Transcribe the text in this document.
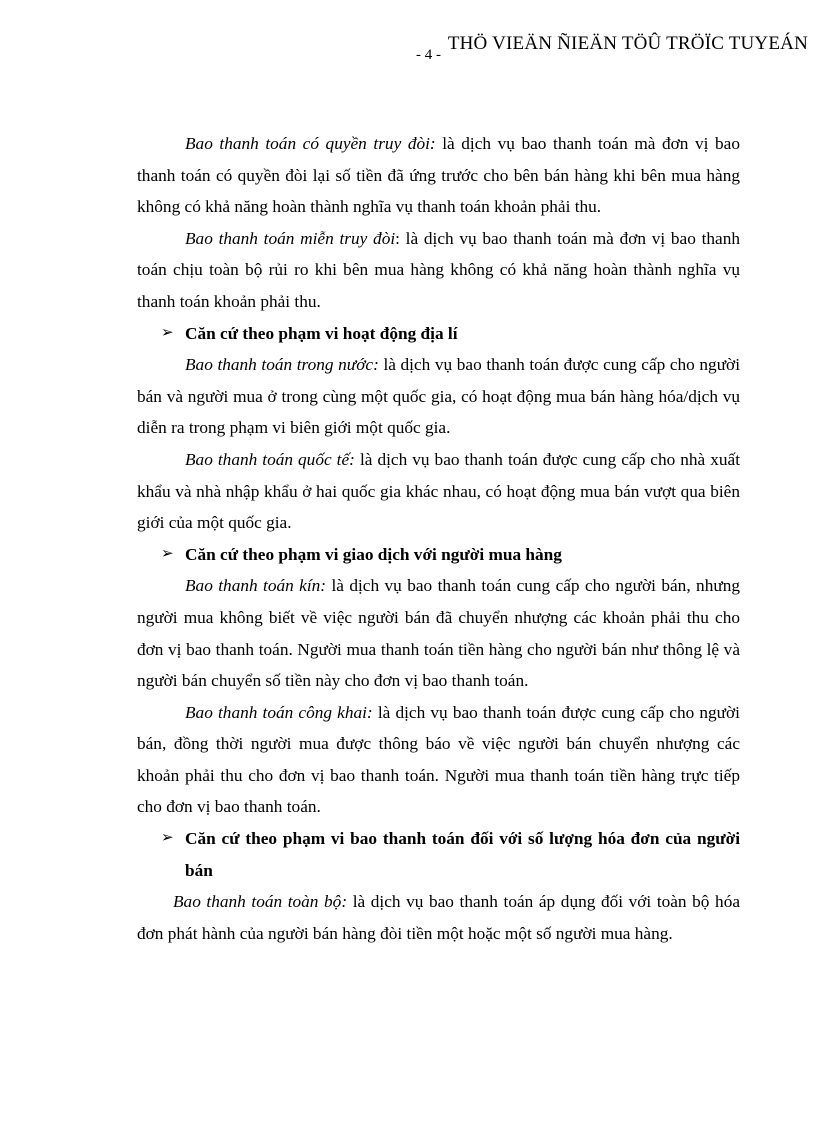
- 4 -
THÖ VIEÄN ÑIEÄN TÖÛ TRÖÏC TUYEÁN

Bao thanh toán có quyền truy đòi: là dịch vụ bao thanh toán mà đơn vị bao thanh toán có quyền đòi lại số tiền đã ứng trước cho bên bán hàng khi bên mua hàng không có khả năng hoàn thành nghĩa vụ thanh toán khoản phải thu.

Bao thanh toán miễn truy đòi: là dịch vụ bao thanh toán mà đơn vị bao thanh toán chịu toàn bộ rủi ro khi bên mua hàng không có khả năng hoàn thành nghĩa vụ thanh toán khoản phải thu.

➢ Căn cứ theo phạm vi hoạt động địa lí

Bao thanh toán trong nước: là dịch vụ bao thanh toán được cung cấp cho người bán và người mua ở trong cùng một quốc gia, có hoạt động mua bán hàng hóa/dịch vụ diễn ra trong phạm vi biên giới một quốc gia.

Bao thanh toán quốc tế: là dịch vụ bao thanh toán được cung cấp cho nhà xuất khẩu và nhà nhập khẩu ở hai quốc gia khác nhau, có hoạt động mua bán vượt qua biên giới của một quốc gia.

➢ Căn cứ theo phạm vi giao dịch với người mua hàng

Bao thanh toán kín: là dịch vụ bao thanh toán cung cấp cho người bán, nhưng người mua không biết về việc người bán đã chuyển nhượng các khoản phải thu cho đơn vị bao thanh toán. Người mua thanh toán tiền hàng cho người bán như thông lệ và người bán chuyển số tiền này cho đơn vị bao thanh toán.

Bao thanh toán công khai: là dịch vụ bao thanh toán được cung cấp cho người bán, đồng thời người mua được thông báo về việc người bán chuyển nhượng các khoản phải thu cho đơn vị bao thanh toán. Người mua thanh toán tiền hàng trực tiếp cho đơn vị bao thanh toán.

➢ Căn cứ theo phạm vi bao thanh toán đối với số lượng hóa đơn của người bán

Bao thanh toán toàn bộ: là dịch vụ bao thanh toán áp dụng đối với toàn bộ hóa đơn phát hành của người bán hàng đòi tiền một hoặc một số người mua hàng.
